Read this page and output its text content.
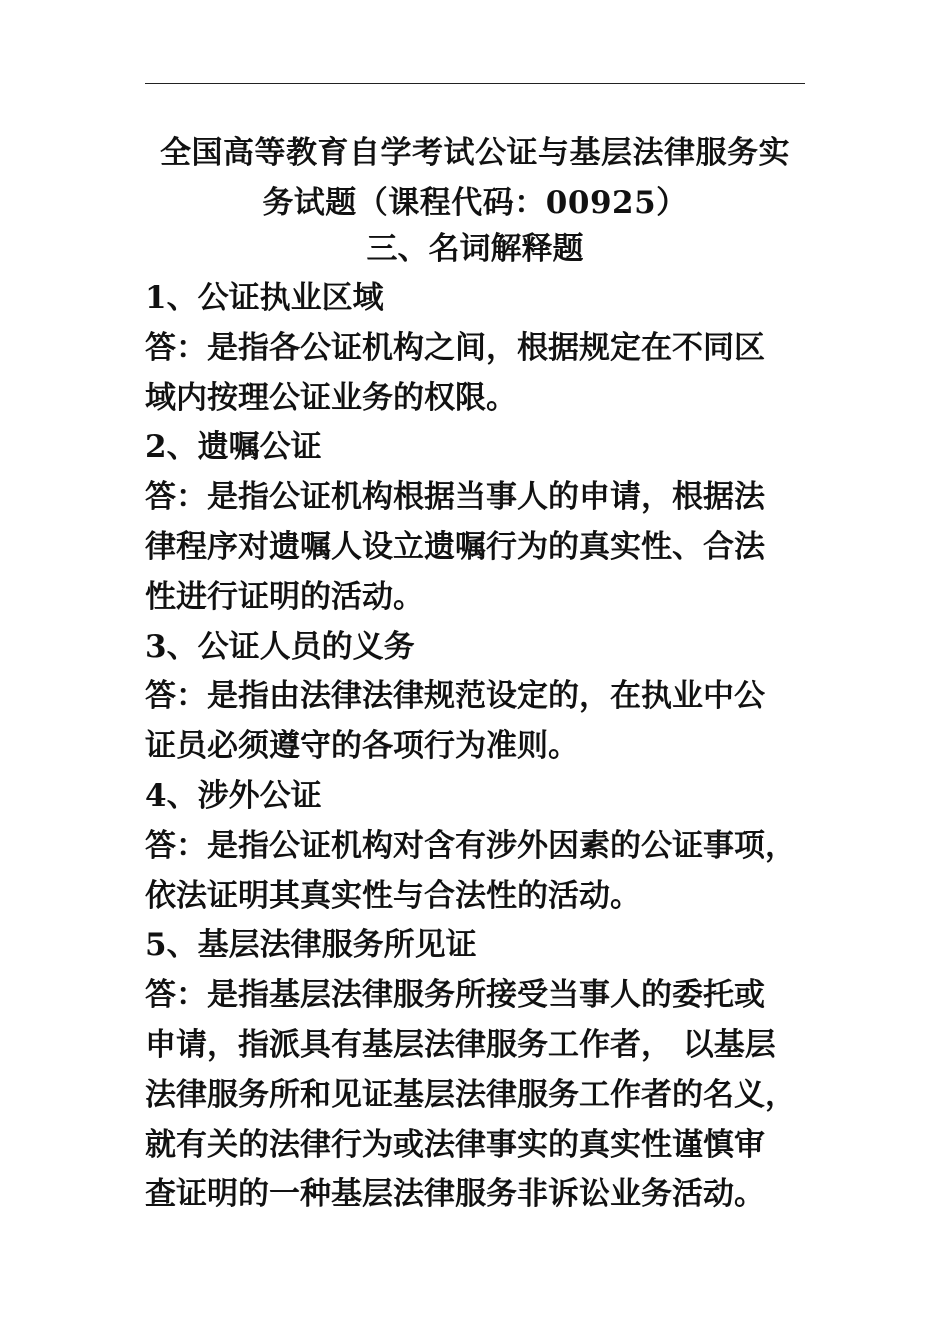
全国高等教育自学考试公证与基层法律服务实
务试题（课程代码：00925）
三、名词解释题
1、公证执业区域
答：是指各公证机构之间，根据规定在不同区
域内按理公证业务的权限。
2、遗嘱公证
答：是指公证机构根据当事人的申请，根据法
律程序对遗嘱人设立遗嘱行为的真实性、合法
性进行证明的活动。
3、公证人员的义务
答：是指由法律法律规范设定的，在执业中公
证员必须遵守的各项行为准则。
4、涉外公证
答：是指公证机构对含有涉外因素的公证事项，
依法证明其真实性与合法性的活动。
5、基层法律服务所见证
答：是指基层法律服务所接受当事人的委托或
申请，指派具有基层法律服务工作者， 以基层
法律服务所和见证基层法律服务工作者的名义，
就有关的法律行为或法律事实的真实性谨慎审
查证明的一种基层法律服务非诉讼业务活动。
